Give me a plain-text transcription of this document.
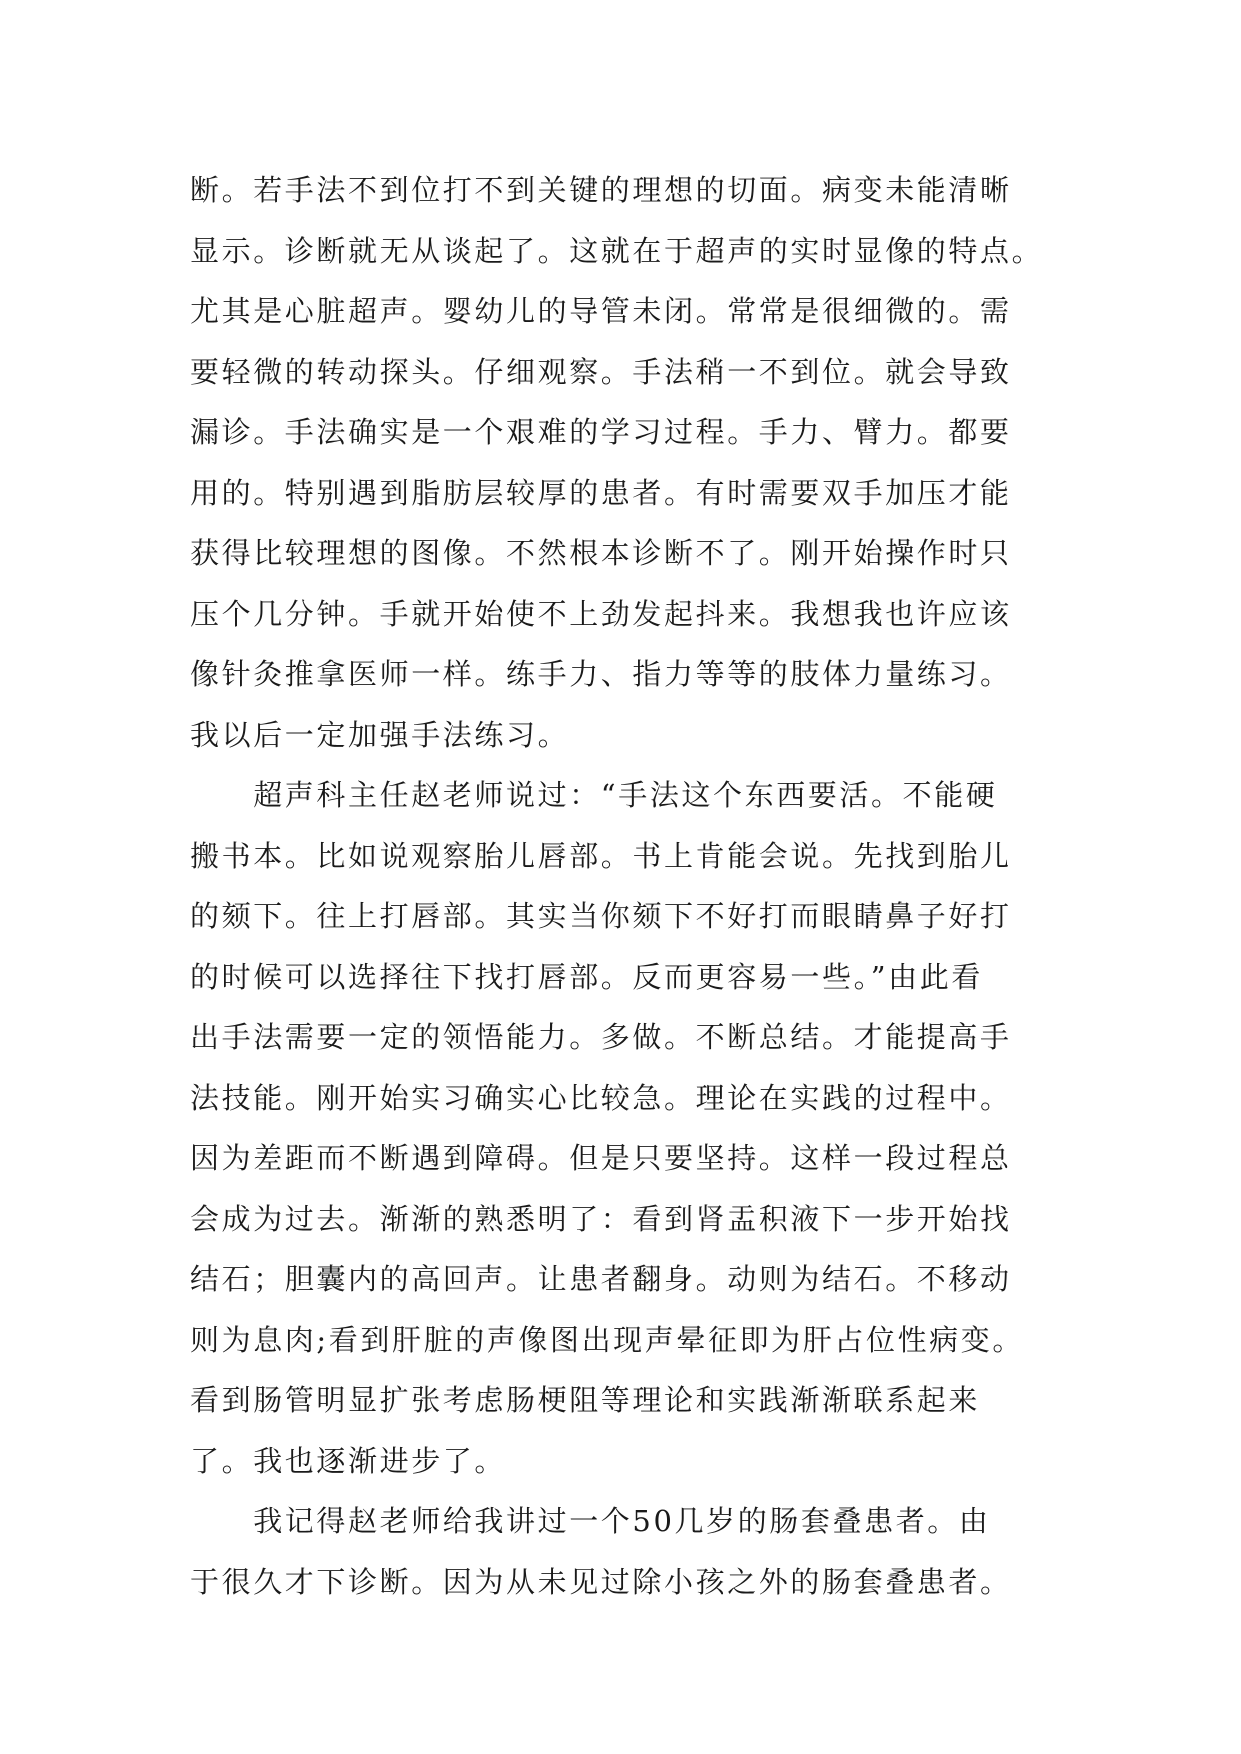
断。若手法不到位打不到关键的理想的切面。病变未能清晰
显示。诊断就无从谈起了。这就在于超声的实时显像的特点。
尤其是心脏超声。婴幼儿的导管未闭。常常是很细微的。需
要轻微的转动探头。仔细观察。手法稍一不到位。就会导致
漏诊。手法确实是一个艰难的学习过程。手力、臂力。都要
用的。特别遇到脂肪层较厚的患者。有时需要双手加压才能
获得比较理想的图像。不然根本诊断不了。刚开始操作时只
压个几分钟。手就开始使不上劲发起抖来。我想我也许应该
像针灸推拿医师一样。练手力、指力等等的肢体力量练习。
我以后一定加强手法练习。
　　超声科主任赵老师说过：“手法这个东西要活。不能硬
搬书本。比如说观察胎儿唇部。书上肯能会说。先找到胎儿
的颏下。往上打唇部。其实当你颏下不好打而眼睛鼻子好打
的时候可以选择往下找打唇部。反而更容易一些。”由此看
出手法需要一定的领悟能力。多做。不断总结。才能提高手
法技能。刚开始实习确实心比较急。理论在实践的过程中。
因为差距而不断遇到障碍。但是只要坚持。这样一段过程总
会成为过去。渐渐的熟悉明了：看到肾盂积液下一步开始找
结石；胆囊内的高回声。让患者翻身。动则为结石。不移动
则为息肉;看到肝脏的声像图出现声晕征即为肝占位性病变。
看到肠管明显扩张考虑肠梗阻等理论和实践渐渐联系起来
了。我也逐渐进步了。
　　我记得赵老师给我讲过一个50几岁的肠套叠患者。由
于很久才下诊断。因为从未见过除小孩之外的肠套叠患者。
